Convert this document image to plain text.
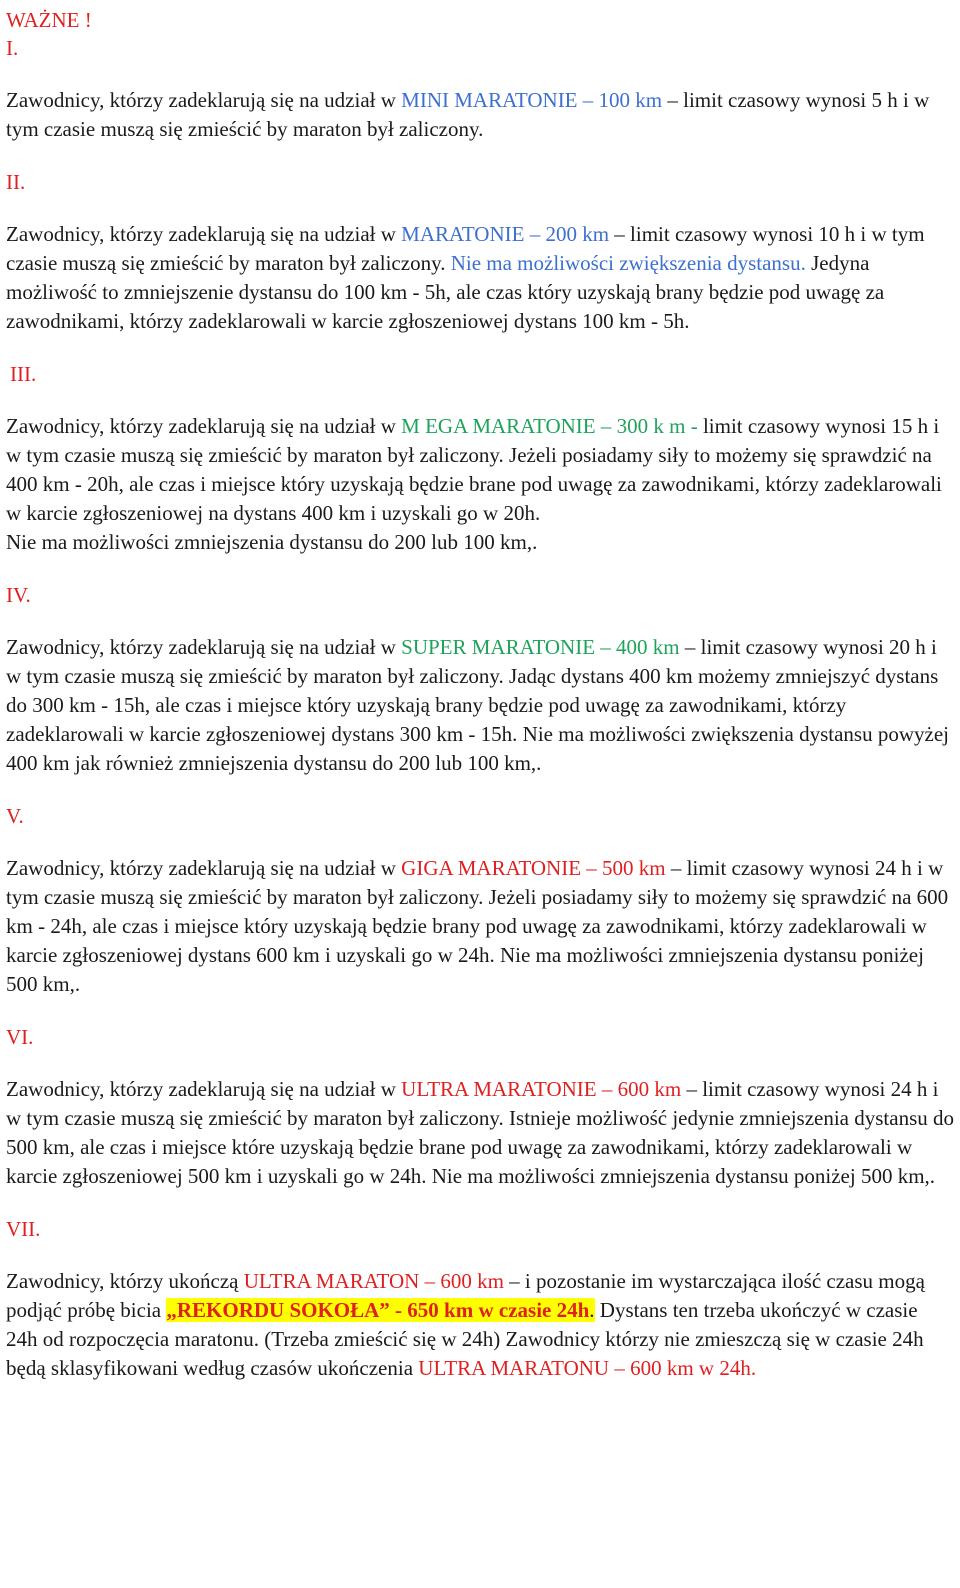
WAŻNE !
I.

Zawodnicy, którzy zadeklarują się na udział w MINI MARATONIE – 100 km – limit czasowy wynosi 5 h i w tym czasie muszą się zmieścić by maraton był zaliczony.

II.

Zawodnicy, którzy zadeklarują się na udział w MARATONIE – 200 km – limit czasowy wynosi 10 h i w tym czasie muszą się zmieścić by maraton był zaliczony. Nie ma możliwości zwiększenia dystansu. Jedyna możliwość to zmniejszenie dystansu do 100 km - 5h, ale czas który uzyskają brany będzie pod uwagę za zawodnikami, którzy zadeklarowali w karcie zgłoszeniowej dystans 100 km - 5h.

III.

Zawodnicy, którzy zadeklarują się na udział w M EGA MARATONIE – 300 k m - limit czasowy wynosi 15 h i w tym czasie muszą się zmieścić by maraton był zaliczony. Jeżeli posiadamy siły to możemy się sprawdzić na 400 km - 20h, ale czas i miejsce który uzyskają będzie brane pod uwagę za zawodnikami, którzy zadeklarowali w karcie zgłoszeniowej na dystans 400 km i uzyskali go w 20h.

Nie ma możliwości zmniejszenia dystansu do 200 lub 100 km,.

IV.

Zawodnicy, którzy zadeklarują się na udział w SUPER MARATONIE – 400 km – limit czasowy wynosi 20 h i w tym czasie muszą się zmieścić by maraton był zaliczony. Jadąc dystans 400 km możemy zmniejszyć dystans do 300 km - 15h, ale czas i miejsce który uzyskają brany będzie pod uwagę za zawodnikami, którzy zadeklarowali w karcie zgłoszeniowej dystans 300 km - 15h. Nie ma możliwości zwiększenia dystansu powyżej 400 km jak również zmniejszenia dystansu do 200 lub 100 km,.

V.

Zawodnicy, którzy zadeklarują się na udział w GIGA MARATONIE – 500 km – limit czasowy wynosi 24 h i w tym czasie muszą się zmieścić by maraton był zaliczony. Jeżeli posiadamy siły to możemy się sprawdzić na 600 km - 24h, ale czas i miejsce który uzyskają będzie brany pod uwagę za zawodnikami, którzy zadeklarowali w karcie zgłoszeniowej dystans 600 km i uzyskali go w 24h. Nie ma możliwości zmniejszenia dystansu poniżej 500 km,.

VI.

Zawodnicy, którzy zadeklarują się na udział w ULTRA MARATONIE – 600 km – limit czasowy wynosi 24 h i w tym czasie muszą się zmieścić by maraton był zaliczony. Istnieje możliwość jedynie zmniejszenia dystansu do 500 km, ale czas i miejsce które uzyskają będzie brane pod uwagę za zawodnikami, którzy zadeklarowali w karcie zgłoszeniowej 500 km i uzyskali go w 24h. Nie ma możliwości zmniejszenia dystansu poniżej 500 km,.

VII.

Zawodnicy, którzy ukończą ULTRA MARATON – 600 km – i pozostanie im wystarczająca ilość czasu mogą podjąć próbę bicia „REKORDU SOKOŁA” - 650 km w czasie 24h. Dystans ten trzeba ukończyć w czasie 24h od rozpoczęcia maratonu. (Trzeba zmieścić się w 24h) Zawodnicy którzy nie zmieszczą się w czasie 24h będą sklasyfikowani według czasów ukończenia ULTRA MARATONU – 600 km w 24h.
